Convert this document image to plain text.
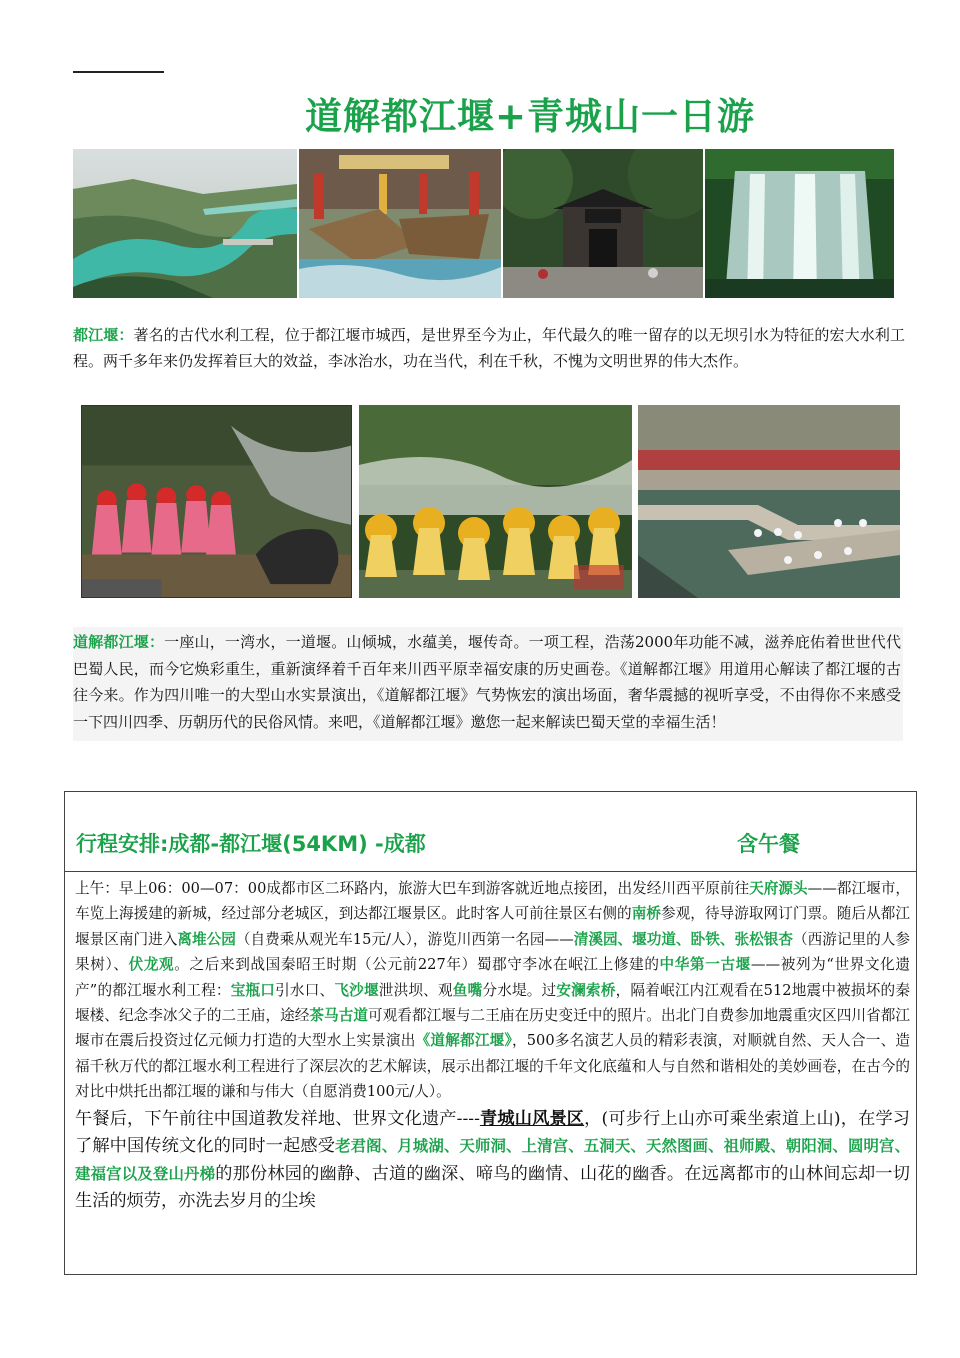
道解都江堰+青城山一日游
都江堰：著名的古代水利工程，位于都江堰市城西，是世界至今为止，年代最久的唯一留存的以无坝引水为特征的宏大水利工程。两千多年来仍发挥着巨大的效益，李冰治水，功在当代，利在千秋，不愧为文明世界的伟大杰作。
道解都江堰：一座山，一湾水，一道堰。山倾城，水蕴美，堰传奇。一项工程，浩荡2000年功能不减，滋养庇佑着世世代代巴蜀人民，而今它焕彩重生，重新演绎着千百年来川西平原幸福安康的历史画卷。《道解都江堰》用道用心解读了都江堰的古往今来。作为四川唯一的大型山水实景演出，《道解都江堰》气势恢宏的演出场面，奢华震撼的视听享受，不由得你不来感受一下四川四季、历朝历代的民俗风情。来吧，《道解都江堰》邀您一起来解读巴蜀天堂的幸福生活！
行程安排:成都-都江堰(54KM) -成都	含午餐
上午：早上06：00—07：00成都市区二环路内，旅游大巴车到游客就近地点接团，出发经川西平原前往天府源头——都江堰市，车览上海援建的新城，经过部分老城区，到达都江堰景区。此时客人可前往景区右侧的南桥参观，待导游取网订门票。随后从都江堰景区南门进入离堆公园（自费乘从观光车15元/人），游览川西第一名园——清溪园、堰功道、卧铁、张松银杏（西游记里的人参果树）、伏龙观。之后来到战国秦昭王时期（公元前227年）蜀郡守李冰在岷江上修建的中华第一古堰——被列为“世界文化遗产”的都江堰水利工程：宝瓶口引水口、飞沙堰泄洪坝、观鱼嘴分水堤。过安澜索桥，隔着岷江内江观看在512地震中被损坏的秦堰楼、纪念李冰父子的二王庙，途经茶马古道可观看都江堰与二王庙在历史变迁中的照片。出北门自费参加地震重灾区四川省都江堰市在震后投资过亿元倾力打造的大型水上实景演出《道解都江堰》，500多名演艺人员的精彩表演，对顺就自然、天人合一、造福千秋万代的都江堰水利工程进行了深层次的艺术解读，展示出都江堰的千年文化底蕴和人与自然和谐相处的美妙画卷，在古今的对比中烘托出都江堰的谦和与伟大（自愿消费100元/人）。
午餐后，下午前往中国道教发祥地、世界文化遗产----青城山风景区，(可步行上山亦可乘坐索道上山)，在学习了解中国传统文化的同时一起感受老君阁、月城湖、天师洞、上清宫、五洞天、天然图画、祖师殿、朝阳洞、圆明宫、建福宫以及登山丹梯的那份林园的幽静、古道的幽深、啼鸟的幽情、山花的幽香。在远离都市的山林间忘却一切生活的烦劳，亦洗去岁月的尘埃
